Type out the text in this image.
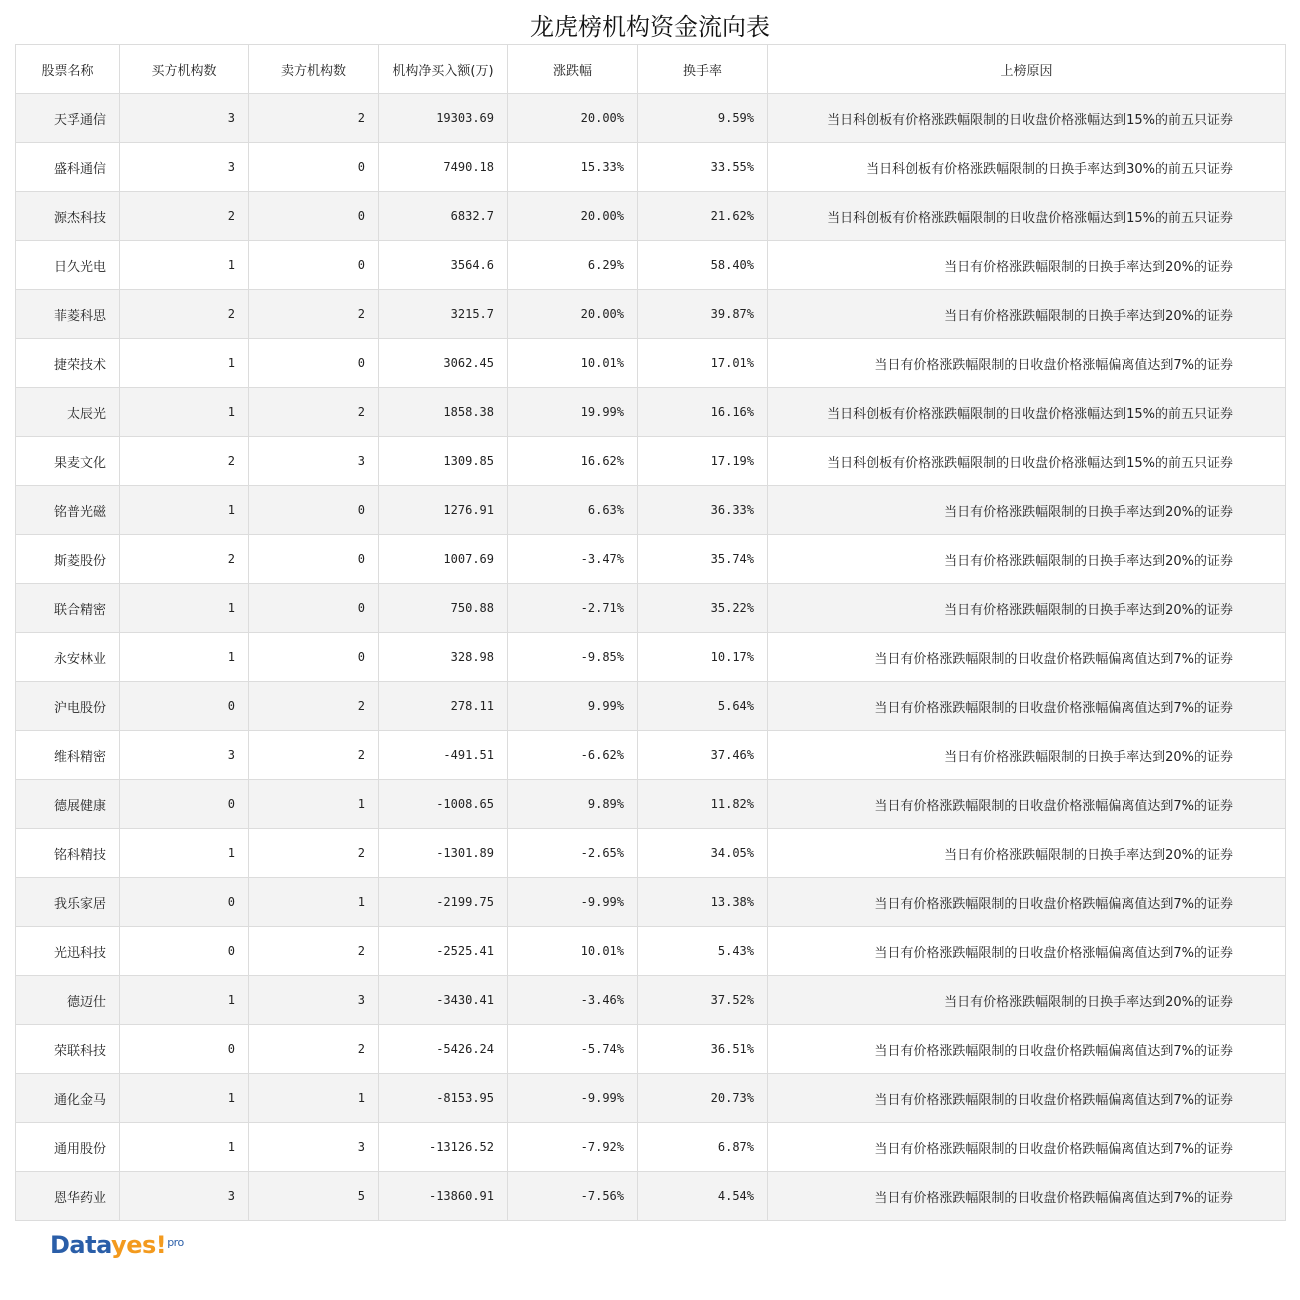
龙虎榜机构资金流向表
股票名称	买方机构数	卖方机构数	机构净买入额(万)	涨跌幅	换手率	上榜原因
天孚通信	3	2	19303.69	20.00%	9.59%	当日科创板有价格涨跌幅限制的日收盘价格涨幅达到15%的前五只证券
盛科通信	3	0	7490.18	15.33%	33.55%	当日科创板有价格涨跌幅限制的日换手率达到30%的前五只证券
源杰科技	2	0	6832.7	20.00%	21.62%	当日科创板有价格涨跌幅限制的日收盘价格涨幅达到15%的前五只证券
日久光电	1	0	3564.6	6.29%	58.40%	当日有价格涨跌幅限制的日换手率达到20%的证券
菲菱科思	2	2	3215.7	20.00%	39.87%	当日有价格涨跌幅限制的日换手率达到20%的证券
捷荣技术	1	0	3062.45	10.01%	17.01%	当日有价格涨跌幅限制的日收盘价格涨幅偏离值达到7%的证券
太辰光	1	2	1858.38	19.99%	16.16%	当日科创板有价格涨跌幅限制的日收盘价格涨幅达到15%的前五只证券
果麦文化	2	3	1309.85	16.62%	17.19%	当日科创板有价格涨跌幅限制的日收盘价格涨幅达到15%的前五只证券
铭普光磁	1	0	1276.91	6.63%	36.33%	当日有价格涨跌幅限制的日换手率达到20%的证券
斯菱股份	2	0	1007.69	-3.47%	35.74%	当日有价格涨跌幅限制的日换手率达到20%的证券
联合精密	1	0	750.88	-2.71%	35.22%	当日有价格涨跌幅限制的日换手率达到20%的证券
永安林业	1	0	328.98	-9.85%	10.17%	当日有价格涨跌幅限制的日收盘价格跌幅偏离值达到7%的证券
沪电股份	0	2	278.11	9.99%	5.64%	当日有价格涨跌幅限制的日收盘价格涨幅偏离值达到7%的证券
维科精密	3	2	-491.51	-6.62%	37.46%	当日有价格涨跌幅限制的日换手率达到20%的证券
德展健康	0	1	-1008.65	9.89%	11.82%	当日有价格涨跌幅限制的日收盘价格涨幅偏离值达到7%的证券
铭科精技	1	2	-1301.89	-2.65%	34.05%	当日有价格涨跌幅限制的日换手率达到20%的证券
我乐家居	0	1	-2199.75	-9.99%	13.38%	当日有价格涨跌幅限制的日收盘价格跌幅偏离值达到7%的证券
光迅科技	0	2	-2525.41	10.01%	5.43%	当日有价格涨跌幅限制的日收盘价格涨幅偏离值达到7%的证券
德迈仕	1	3	-3430.41	-3.46%	37.52%	当日有价格涨跌幅限制的日换手率达到20%的证券
荣联科技	0	2	-5426.24	-5.74%	36.51%	当日有价格涨跌幅限制的日收盘价格跌幅偏离值达到7%的证券
通化金马	1	1	-8153.95	-9.99%	20.73%	当日有价格涨跌幅限制的日收盘价格跌幅偏离值达到7%的证券
通用股份	1	3	-13126.52	-7.92%	6.87%	当日有价格涨跌幅限制的日收盘价格跌幅偏离值达到7%的证券
恩华药业	3	5	-13860.91	-7.56%	4.54%	当日有价格涨跌幅限制的日收盘价格跌幅偏离值达到7%的证券
Datayes!$^{pro}$
